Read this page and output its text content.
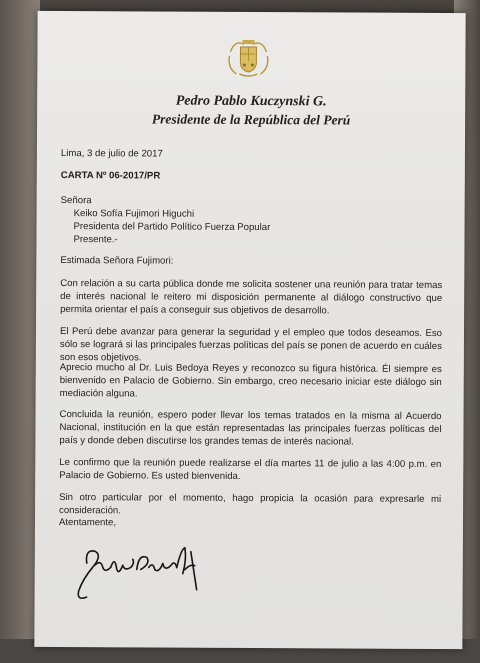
Pedro Pablo Kuczynski G.
Presidente de la República del Perú
Lima, 3 de julio de 2017
CARTA Nº 06-2017/PR
Señora
Keiko Sofía Fujimori Higuchi
Presidenta del Partido Político Fuerza Popular
Presente.-
Estimada Señora Fujimori:
Con relación a su carta pública donde me solicita sostener una reunión para tratar temas de interés nacional le reitero mi disposición permanente al diálogo constructivo que permita orientar el país a conseguir sus objetivos de desarrollo.
El Perú debe avanzar para generar la seguridad y el empleo que todos deseamos. Eso sólo se logrará si las principales fuerzas políticas del país se ponen de acuerdo en cuáles son esos objetivos.
Aprecio mucho al Dr. Luis Bedoya Reyes y reconozco su figura histórica. Él siempre es bienvenido en Palacio de Gobierno. Sin embargo, creo necesario iniciar este diálogo sin mediación alguna.
Concluida la reunión, espero poder llevar los temas tratados en la misma al Acuerdo Nacional, institución en la que están representadas las principales fuerzas políticas del país y donde deben discutirse los grandes temas de interés nacional.
Le confirmo que la reunión puede realizarse el día martes 11 de julio a las 4:00 p.m. en Palacio de Gobierno. Es usted bienvenida.
Sin otro particular por el momento, hago propicia la ocasión para expresarle mi consideración.
Atentamente,
